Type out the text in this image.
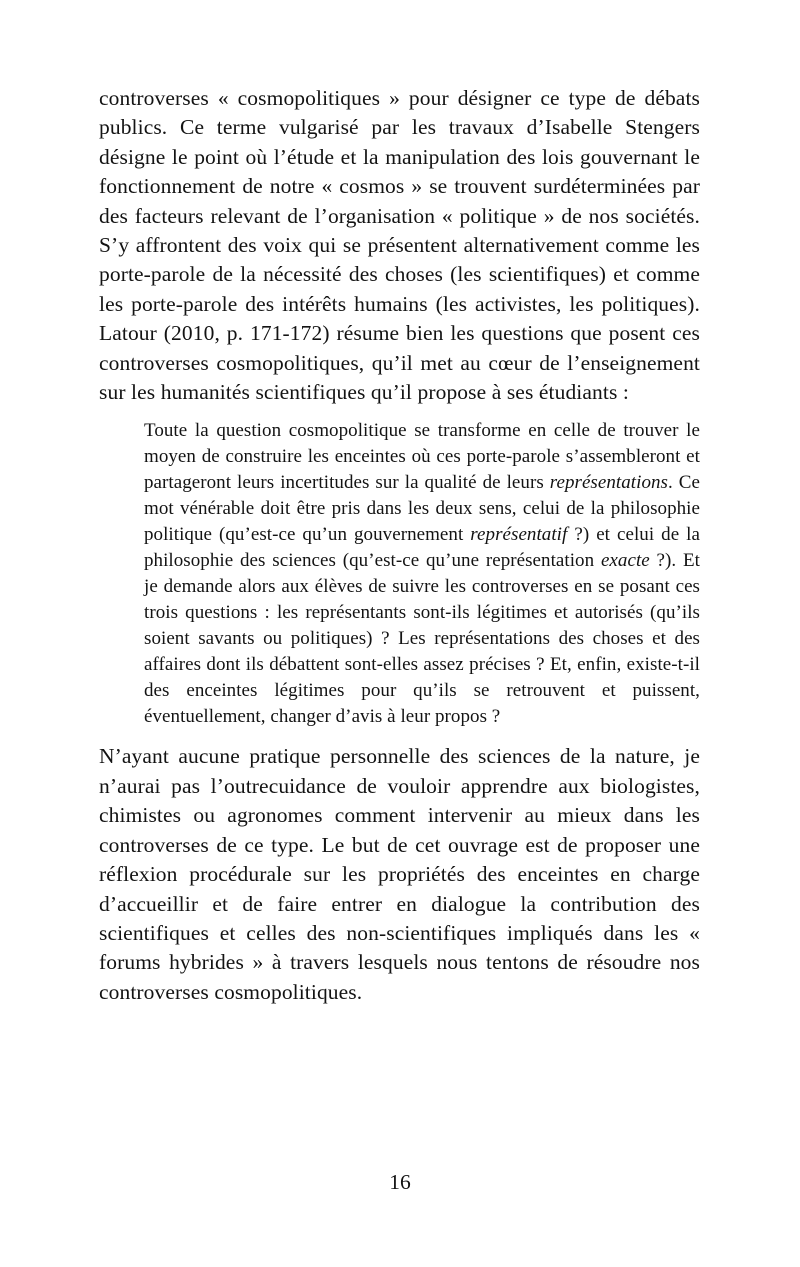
controverses « cosmopolitiques » pour désigner ce type de débats publics. Ce terme vulgarisé par les travaux d’Isabelle Stengers désigne le point où l’étude et la manipulation des lois gouvernant le fonctionnement de notre « cosmos » se trouvent surdéterminées par des facteurs relevant de l’organisation « politique » de nos sociétés. S’y affrontent des voix qui se présentent alternativement comme les porte-parole de la nécessité des choses (les scientifiques) et comme les porte-parole des intérêts humains (les activistes, les politiques). Latour (2010, p. 171-172) résume bien les questions que posent ces controverses cosmopolitiques, qu’il met au cœur de l’enseignement sur les humanités scientifiques qu’il propose à ses étudiants :

Toute la question cosmopolitique se transforme en celle de trouver le moyen de construire les enceintes où ces porte-parole s’assembleront et partageront leurs incertitudes sur la qualité de leurs représentations. Ce mot vénérable doit être pris dans les deux sens, celui de la philosophie politique (qu’est-ce qu’un gouvernement représentatif ?) et celui de la philosophie des sciences (qu’est-ce qu’une représentation exacte ?). Et je demande alors aux élèves de suivre les controverses en se posant ces trois questions : les représentants sont-ils légitimes et autorisés (qu’ils soient savants ou politiques) ? Les représentations des choses et des affaires dont ils débattent sont-elles assez précises ? Et, enfin, existe-t-il des enceintes légitimes pour qu’ils se retrouvent et puissent, éventuellement, changer d’avis à leur propos ?

N’ayant aucune pratique personnelle des sciences de la nature, je n’aurai pas l’outrecuidance de vouloir apprendre aux biologistes, chimistes ou agronomes comment intervenir au mieux dans les controverses de ce type. Le but de cet ouvrage est de proposer une réflexion procédurale sur les propriétés des enceintes en charge d’accueillir et de faire entrer en dialogue la contribution des scientifiques et celles des non-scientifiques impliqués dans les « forums hybrides » à travers lesquels nous tentons de résoudre nos controverses cosmopolitiques.

16
